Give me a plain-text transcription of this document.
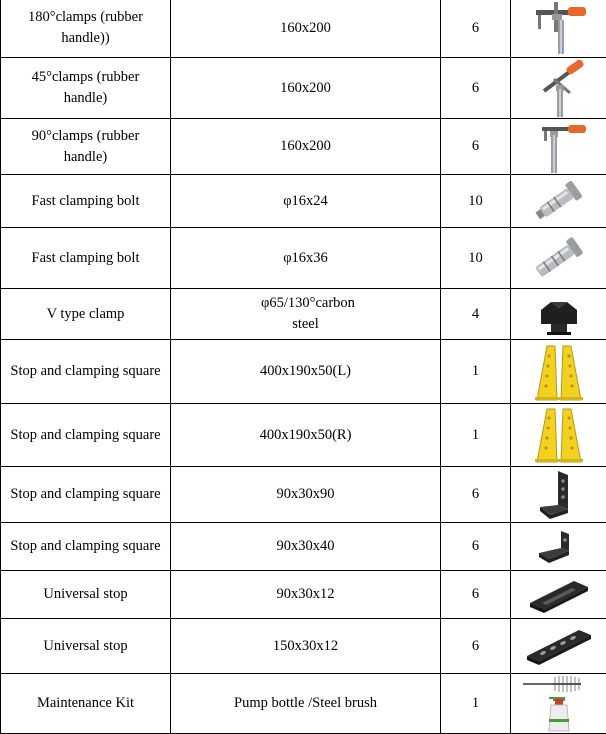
180°clamps (rubber handle))	160x200	6	

45°clamps (rubber handle)	160x200	6	

90°clamps (rubber handle)	160x200	6	

Fast clamping bolt	φ16x24	10	

Fast clamping bolt	φ16x36	10	

V type clamp	φ65/130°carbon steel	4	

Stop and clamping square	400x190x50(L)	1	

Stop and clamping square	400x190x50(R)	1	

Stop and clamping square	90x30x90	6	

Stop and clamping square	90x30x40	6	

Universal stop	90x30x12	6	

Universal stop	150x30x12	6	

Maintenance Kit	Pump bottle /Steel brush	1	
